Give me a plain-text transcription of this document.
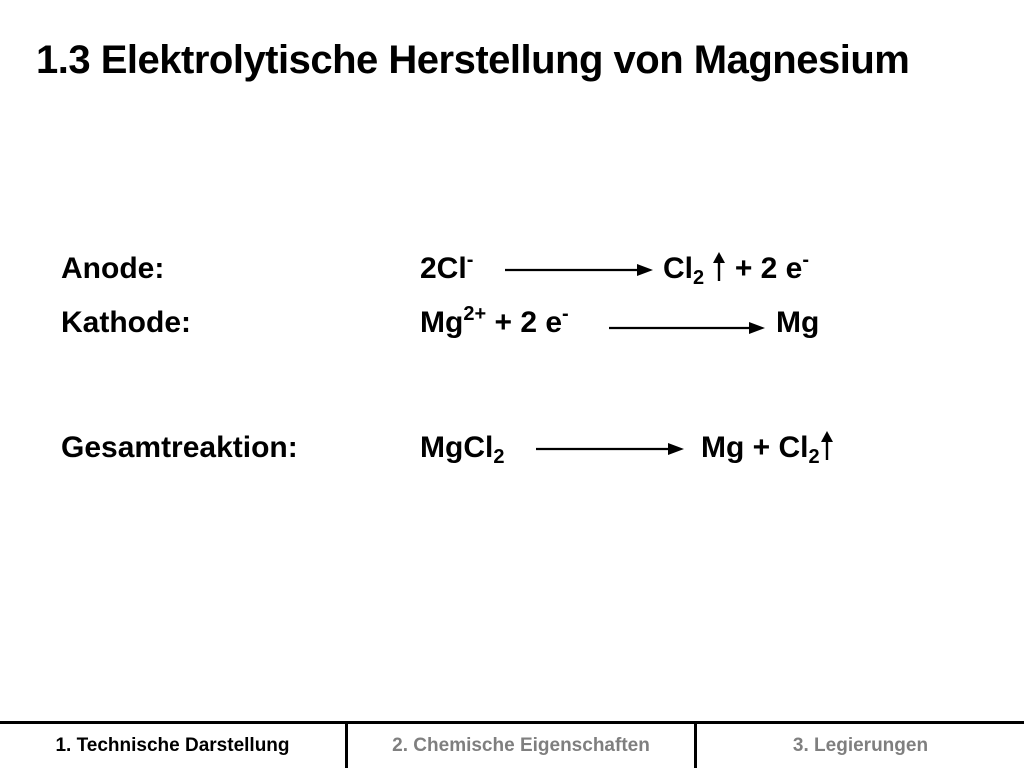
1.3 Elektrolytische Herstellung von Magnesium
Anode:	2Cl-	$Cl_2 + 2$ e-
Kathode:	$Mg^{2+} + 2$ e-	Mg
Gesamtreaktion:	MgCl$_2$	$Mg + Cl_2$
1. Technische Darstellung	2. Chemische Eigenschaften	3. Legierungen
